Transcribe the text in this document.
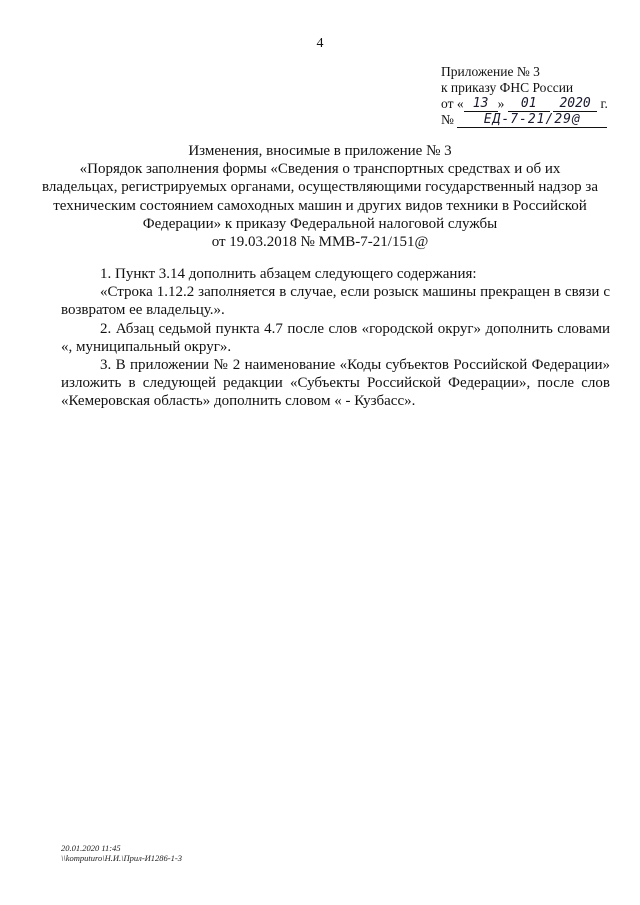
4
Приложение № 3
к приказу ФНС России
от « 13 » 01 2020 г.
№ ЕД-7-21/29@
Изменения, вносимые в приложение № 3
«Порядок заполнения формы «Сведения о транспортных средствах и об их владельцах, регистрируемых органами, осуществляющими государственный надзор за техническим состоянием самоходных машин и других видов техники в Российской Федерации» к приказу Федеральной налоговой службы
от 19.03.2018 № ММВ-7-21/151@

1. Пункт 3.14 дополнить абзацем следующего содержания:

«Строка 1.12.2 заполняется в случае, если розыск машины прекращен в связи с возвратом ее владельцу.».

2. Абзац седьмой пункта 4.7 после слов «городской округ» дополнить словами «, муниципальный округ».

3. В приложении № 2 наименование «Коды субъектов Российской Федерации» изложить в следующей редакции «Субъекты Российской Федерации», после слов «Кемеровская область» дополнить словом « - Кузбасс».

20.01.2020 11:45
\\komputuro\Н.И.\Прил-И1286-1-3
